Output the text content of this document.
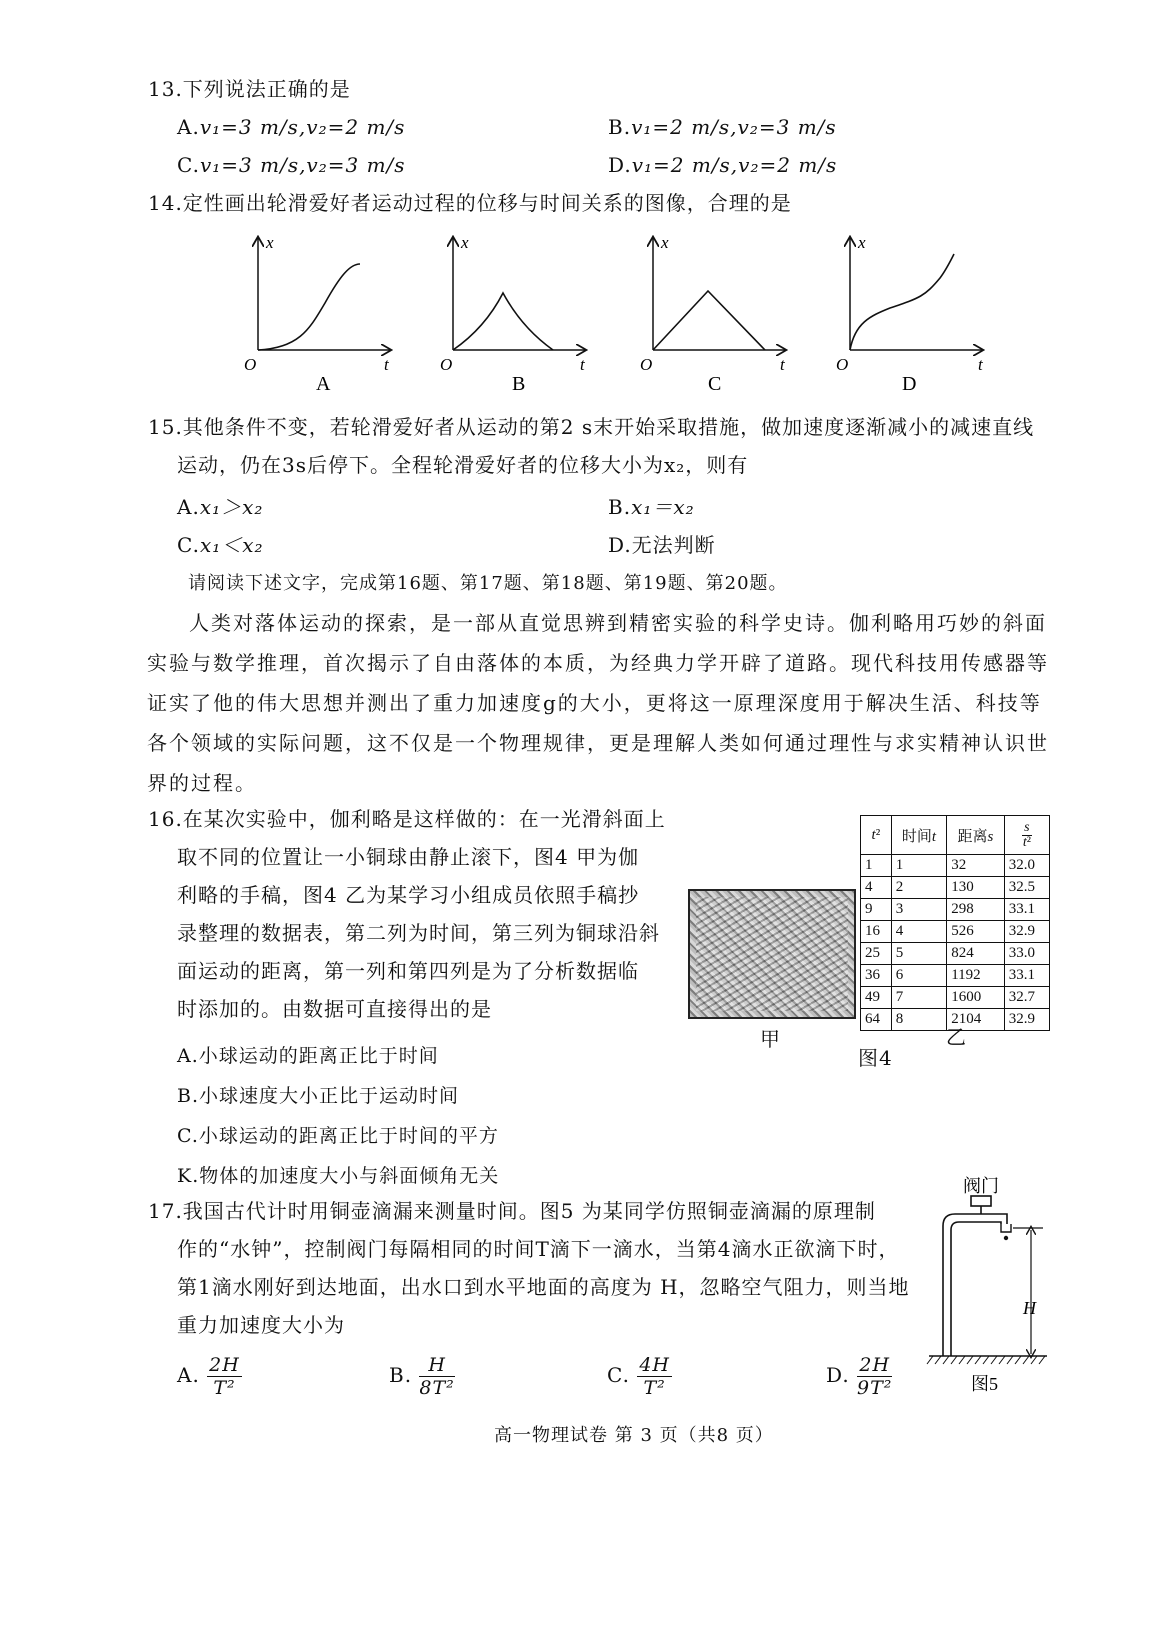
13.下列说法正确的是
A.v₁=3 m/s,v₂=2 m/s	B.v₁=2 m/s,v₂=3 m/s
C.v₁=3 m/s,v₂=3 m/s	D.v₁=2 m/s,v₂=2 m/s
14.定性画出轮滑爱好者运动过程的位移与时间关系的图像，合理的是
x
t
O
A
x
t
O
B
x
t
O
C
x
t
O
D
15.其他条件不变，若轮滑爱好者从运动的第2 s末开始采取措施，做加速度逐渐减小的减速直线
运动，仍在3s后停下。全程轮滑爱好者的位移大小为x₂，则有
A.x₁＞x₂	B.x₁＝x₂
C.x₁＜x₂	D.无法判断
请阅读下述文字，完成第16题、第17题、第18题、第19题、第20题。
人类对落体运动的探索，是一部从直觉思辨到精密实验的科学史诗。伽利略用巧妙的斜面实验与数学推理，首次揭示了自由落体的本质，为经典力学开辟了道路。现代科技用传感器等证实了他的伟大思想并测出了重力加速度g的大小，更将这一原理深度用于解决生活、科技等各个领域的实际问题，这不仅是一个物理规律，更是理解人类如何通过理性与求实精神认识世界的过程。
16.在某次实验中，伽利略是这样做的：在一光滑斜面上
取不同的位置让一小铜球由静止滚下，图4 甲为伽
利略的手稿，图4 乙为某学习小组成员依照手稿抄
录整理的数据表，第二列为时间，第三列为铜球沿斜
面运动的距离，第一列和第四列是为了分析数据临
时添加的。由数据可直接得出的是
A.小球运动的距离正比于时间
B.小球速度大小正比于运动时间
C.小球运动的距离正比于时间的平方
K.物体的加速度大小与斜面倾角无关
甲
t²	时间t	距离s	$\frac{s}{\text{t²}}$

1	1	32	32.0
4	2	130	32.5
9	3	298	33.1
16	4	526	32.9
25	5	824	33.0
36	6	1192	33.1
49	7	1600	32.7
64	8	2104	32.9
乙
图4
17.我国古代计时用铜壶滴漏来测量时间。图5 为某同学仿照铜壶滴漏的原理制
作的“水钟”，控制阀门每隔相同的时间T滴下一滴水，当第4滴水正欲滴下时，
第1滴水刚好到达地面，出水口到水平地面的高度为 H，忽略空气阻力，则当地
重力加速度大小为
A. $\frac{2H}{\text{T²}}$	B. $\frac{H}{\text{8T²}}$	C. $\frac{4H}{\text{T²}}$	D. $\frac{2H}{\text{9T²}}$
阀门
H
图5
高一物理试卷 第 3 页（共8 页）
